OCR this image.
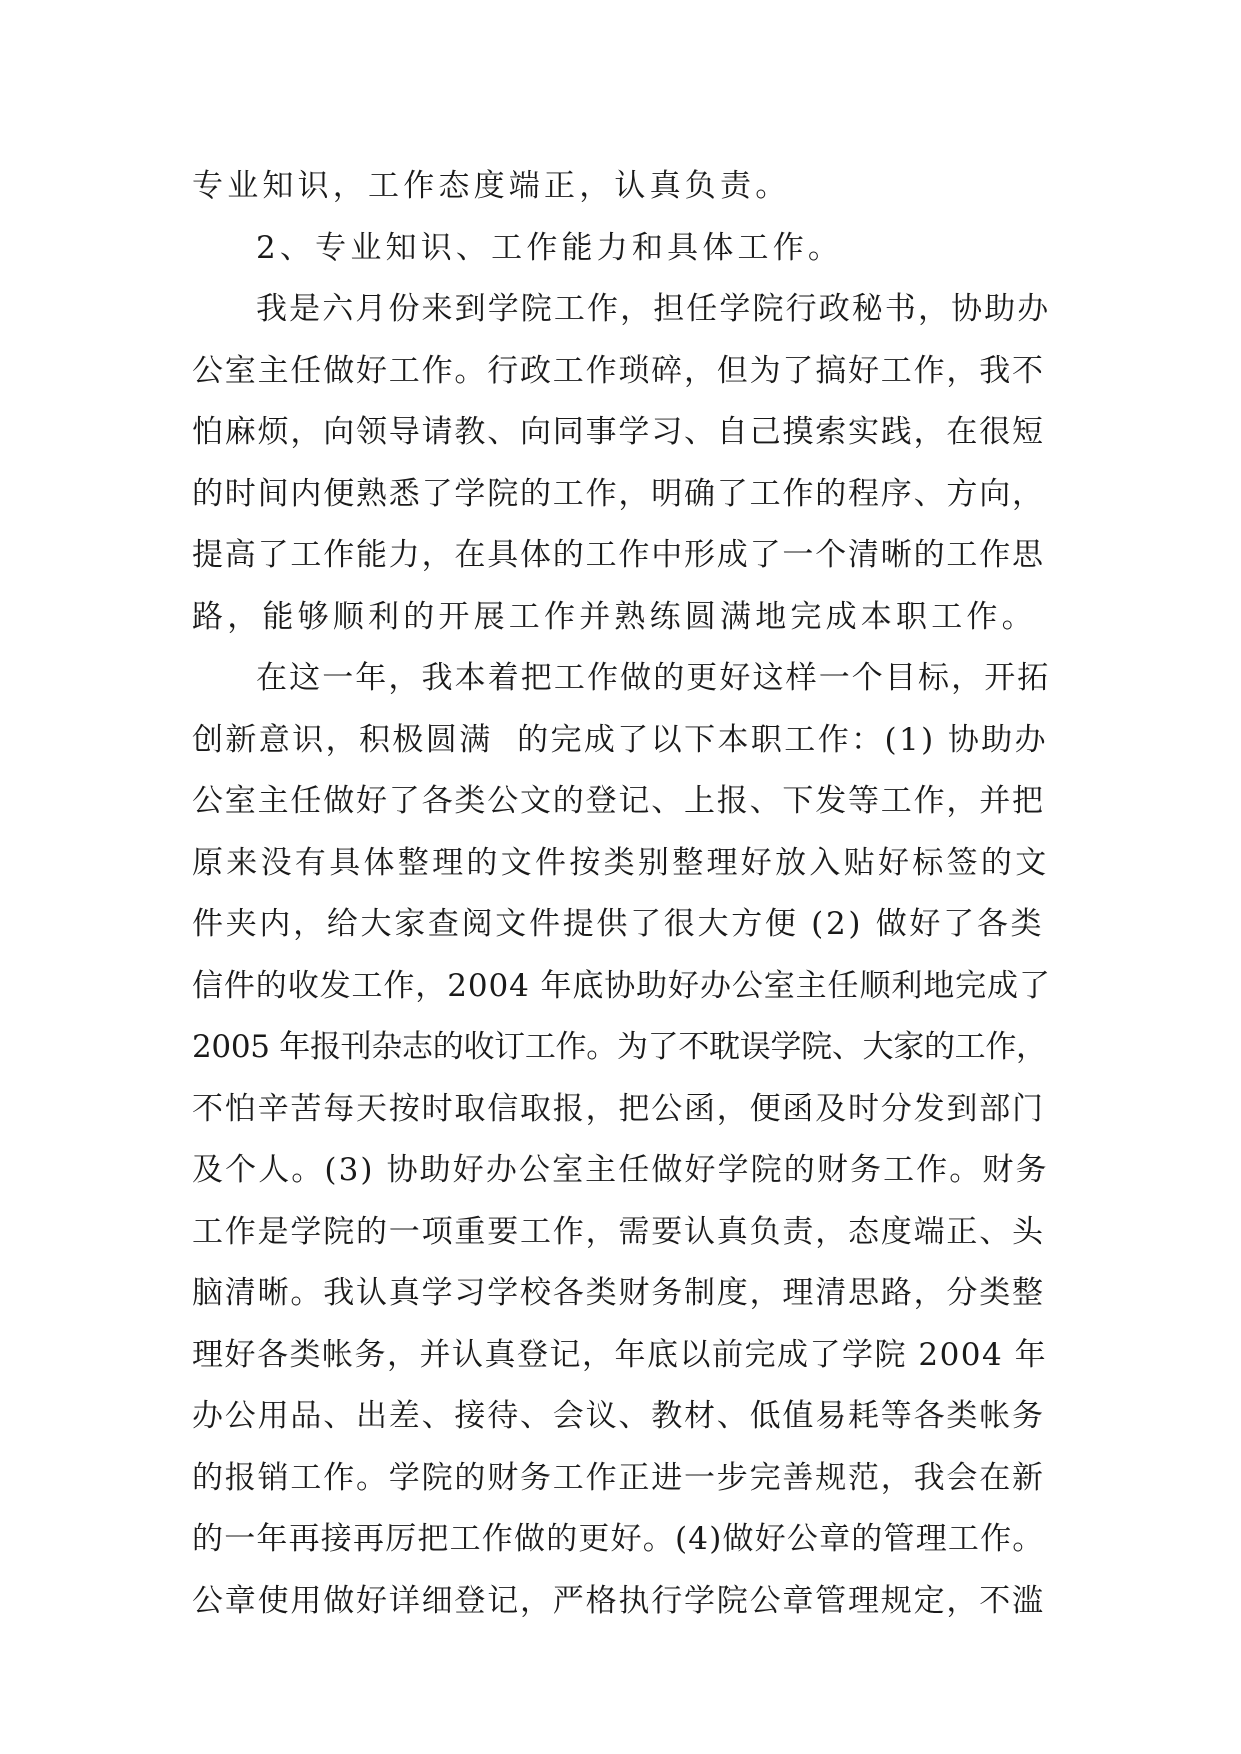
专业知识，工作态度端正，认真负责。
2、专业知识、工作能力和具体工作。
我是六月份来到学院工作，担任学院行政秘书，协助办
公室主任做好工作。行政工作琐碎，但为了搞好工作，我不
怕麻烦，向领导请教、向同事学习、自己摸索实践，在很短
的时间内便熟悉了学院的工作，明确了工作的程序、方向，
提高了工作能力，在具体的工作中形成了一个清晰的工作思
路，能够顺利的开展工作并熟练圆满地完成本职工作。
在这一年，我本着把工作做的更好这样一个目标，开拓
创新意识，积极圆满  的完成了以下本职工作：(1) 协助办
公室主任做好了各类公文的登记、上报、下发等工作，并把
原来没有具体整理的文件按类别整理好放入贴好标签的文
件夹内，给大家查阅文件提供了很大方便 (2) 做好了各类
信件的收发工作，2004 年底协助好办公室主任顺利地完成了
2005 年报刊杂志的收订工作。为了不耽误学院、大家的工作，
不怕辛苦每天按时取信取报，把公函，便函及时分发到部门
及个人。(3) 协助好办公室主任做好学院的财务工作。财务
工作是学院的一项重要工作，需要认真负责，态度端正、头
脑清晰。我认真学习学校各类财务制度，理清思路，分类整
理好各类帐务，并认真登记，年底以前完成了学院 2004 年
办公用品、出差、接待、会议、教材、低值易耗等各类帐务
的报销工作。学院的财务工作正进一步完善规范，我会在新
的一年再接再厉把工作做的更好。(4)做好公章的管理工作。
公章使用做好详细登记，严格执行学院公章管理规定，不滥
